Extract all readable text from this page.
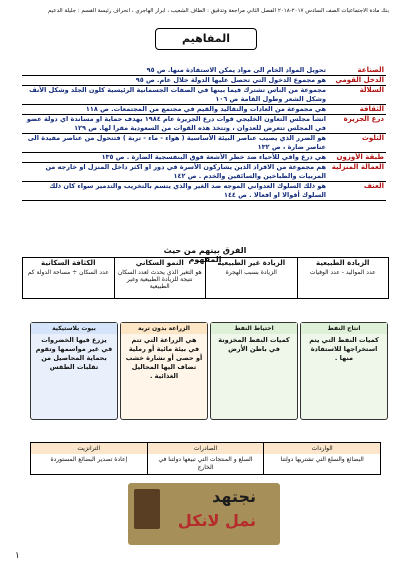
بنك مادة الاجتماعيات الصف السادس ٢٠١٧-٢٠١٨ الفصل الثاني مراجعة وتدقيق : الطاف الشعيب ، ابرار الهاجري ، انحراف رئيسة القسم : جليلة الدعيم
المفاهيم
الصناعة
تحويل المواد الخام الى مواد يمكن الاستفادة منها. ص ٩٥
الدخل القومي
هو مجموع الدخول التي تحصل عليها الدولة خلال عام. ص ٩٥
السلالة
مجموعة من الناس تشترك فيما بينها في الصفات الجسمانية الرئيسية كلون الجلد وشكل الأنف وشكل الشعر وطول القامة ص ١٠٦
الثقافة
هي مجموعة من العادات والتقاليد والقيم في مجتمع من المجتمعات. ص ١١٨
درع الجزيرة
انشأ مجلس التعاون الخليجي قوات درع الجزيرة عام ١٩٨٤ بهدف حماية او مساندة اي دولة عضو في المجلس تتعرض للعدوان ، وتتخذ هذه القوات من السعودية مقرا لها. ص ١٢٩
التلوث
هو الضرر الذي يصيب عناصر البيئة الأساسية ( هواء - ماء - تربة ) فتتحول من عناصر مفيدة الى عناصر ضارة ، ص ١٣٢
طبقة الأوزون
هي درع واقي للأحياء ضد خطر الأشعة فوق البنفسجية الضارة . ص ١٣٥
العمالة المنزلية
هم مجموعة من الافراد الذين يشاركون الأسرة في دور او اكثر داخل المنزل او خارجه من المربيات والطباخين والسائقين والخدم . ص ١٤٢
العنف
هو ذلك السلوك العدواني الموجه ضد الغير والذي يتسم بالتخريب والتدمير سواء كان ذلك السلوك أقوالا او افعالا . ص ١٤٤
الفرق بينهم من حيث المفهوم	الزيادة الطبيعية
عدد المواليد - عدد الوفيات
الزيادة غير الطبيعية
الزيادة بسبب الهجرة
النمو السكاني
هو التغير الذي يحدث لعدد السكان نتيجة للزيادة الطبيعية وغير الطبيعية
الكثافة السكانية
عدد السكان ÷ مساحة الدولة كم
انتاج النفط
كميات النفط التي يتم استخراجها للاستفادة منها .
احتياط النفط
كميات النفط المخزونة في باطن الأرض
الزراعة بدون تربة
هي الزراعة التي تتم في بيئة مائية أو رملية أو حصى أو نشارة خشب تضاف اليها المحاليل الغذائية .
بيوت بلاستيكية
يزرع فيها الخضروات في غير مواسمها وتقوم بحماية المحاصيل من تقلبات الطقس
الواردات
البضائع والسلع التي تشتريها دولتنا
الصادرات
السلع و المنتجات التي تبيعها دولتنا في الخارج
الترانزيت
إعادة تصدير البضائع المستوردة
نجتهد
نمل لانكل
١
